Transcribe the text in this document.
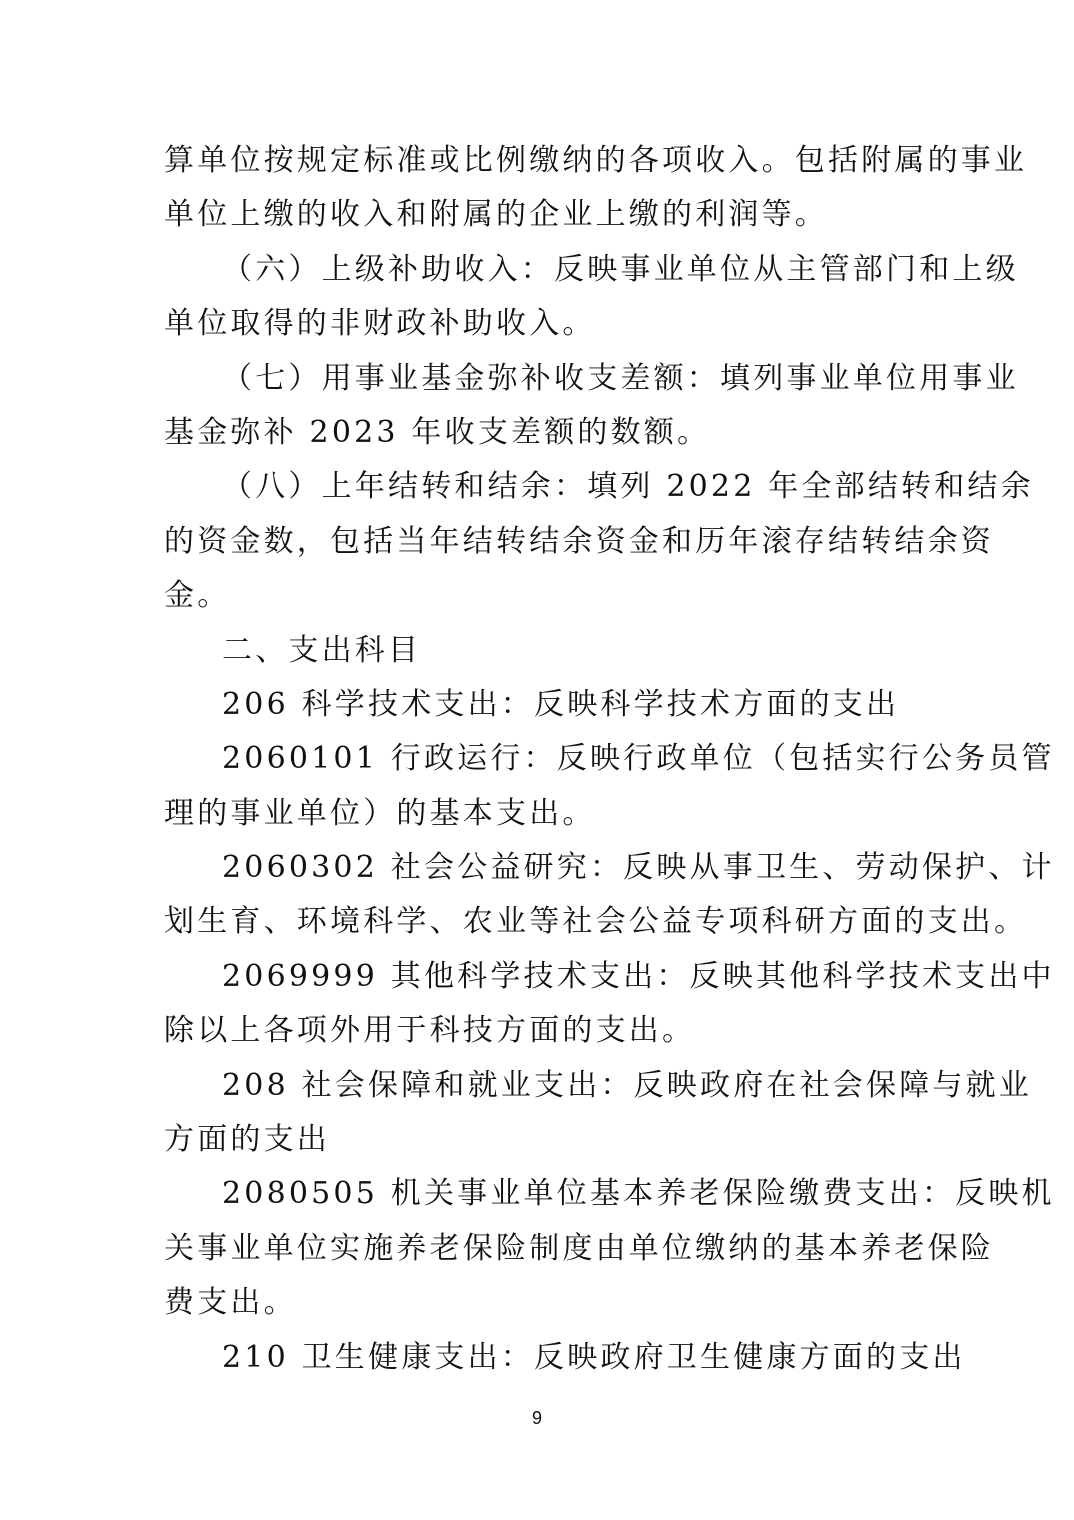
算单位按规定标准或比例缴纳的各项收入。包括附属的事业
单位上缴的收入和附属的企业上缴的利润等。
（六）上级补助收入：反映事业单位从主管部门和上级
单位取得的非财政补助收入。
（七）用事业基金弥补收支差额：填列事业单位用事业
基金弥补 2023 年收支差额的数额。
（八）上年结转和结余：填列 2022 年全部结转和结余
的资金数，包括当年结转结余资金和历年滚存结转结余资
金。
二、支出科目
206 科学技术支出：反映科学技术方面的支出
2060101 行政运行：反映行政单位（包括实行公务员管
理的事业单位）的基本支出。
2060302 社会公益研究：反映从事卫生、劳动保护、计
划生育、环境科学、农业等社会公益专项科研方面的支出。
2069999 其他科学技术支出：反映其他科学技术支出中
除以上各项外用于科技方面的支出。
208 社会保障和就业支出：反映政府在社会保障与就业
方面的支出
2080505 机关事业单位基本养老保险缴费支出：反映机
关事业单位实施养老保险制度由单位缴纳的基本养老保险
费支出。
210 卫生健康支出：反映政府卫生健康方面的支出
9
